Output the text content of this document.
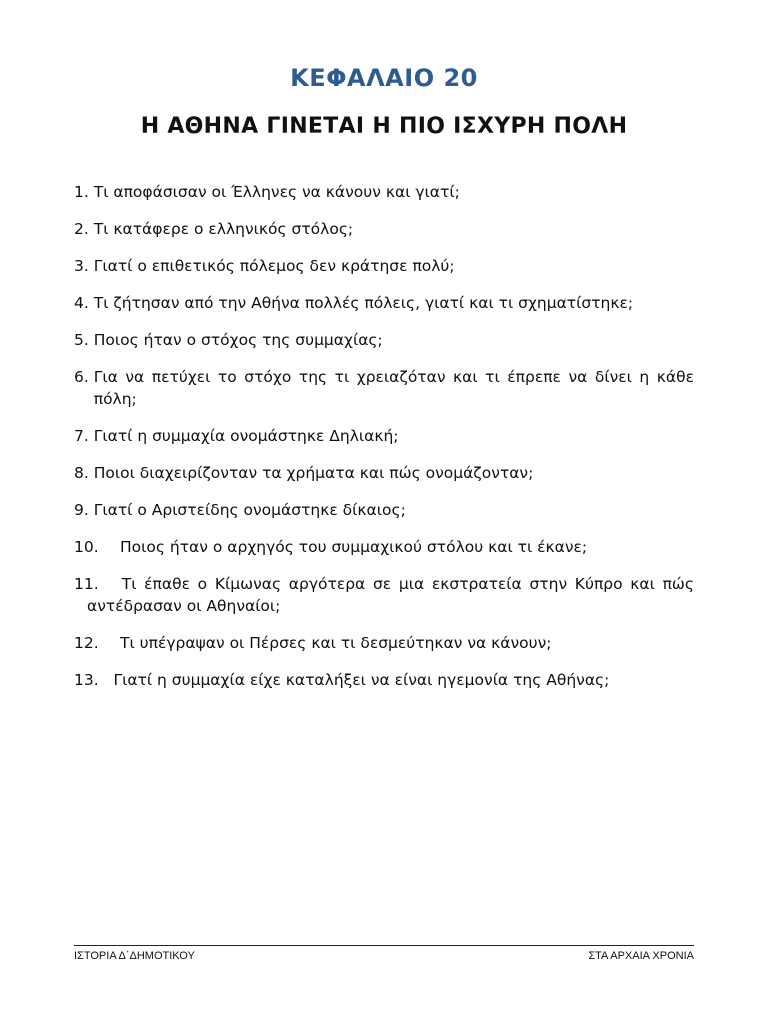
ΚΕΦΑΛΑΙΟ 20
Η ΑΘΗΝΑ ΓΙΝΕΤΑΙ Η ΠΙΟ ΙΣΧΥΡΗ ΠΟΛΗ
1.
Τι αποφάσισαν οι Έλληνες να κάνουν και γιατί;
2.
Τι κατάφερε ο ελληνικός στόλος;
3.
Γιατί ο επιθετικός πόλεμος δεν κράτησε πολύ;
4.
Τι ζήτησαν από την Αθήνα πολλές πόλεις, γιατί και τι σχηματίστηκε;
5.
Ποιος ήταν ο στόχος της συμμαχίας;
6.
Για να πετύχει το στόχο της τι χρειαζόταν και τι έπρεπε να δίνει η κάθε πόλη;
7.
Γιατί η συμμαχία ονομάστηκε Δηλιακή;
8.
Ποιοι διαχειρίζονταν τα χρήματα και πώς ονομάζονταν;
9.
Γιατί ο Αριστείδης ονομάστηκε δίκαιος;
10.	Ποιος ήταν ο αρχηγός του συμμαχικού στόλου και τι έκανε;
11. Τι έπαθε ο Κίμωνας αργότερα σε μια εκστρατεία στην Κύπρο και πώς αντέδρασαν οι Αθηναίοι;
12.	Τι υπέγραψαν οι Πέρσες και τι δεσμεύτηκαν να κάνουν;
13. Γιατί η συμμαχία είχε καταλήξει να είναι ηγεμονία της Αθήνας;
ΙΣΤΟΡΙΑ Δ΄ΔΗΜΟΤΙΚΟΥ	ΣΤΑ ΑΡΧΑΙΑ ΧΡΟΝΙΑ
